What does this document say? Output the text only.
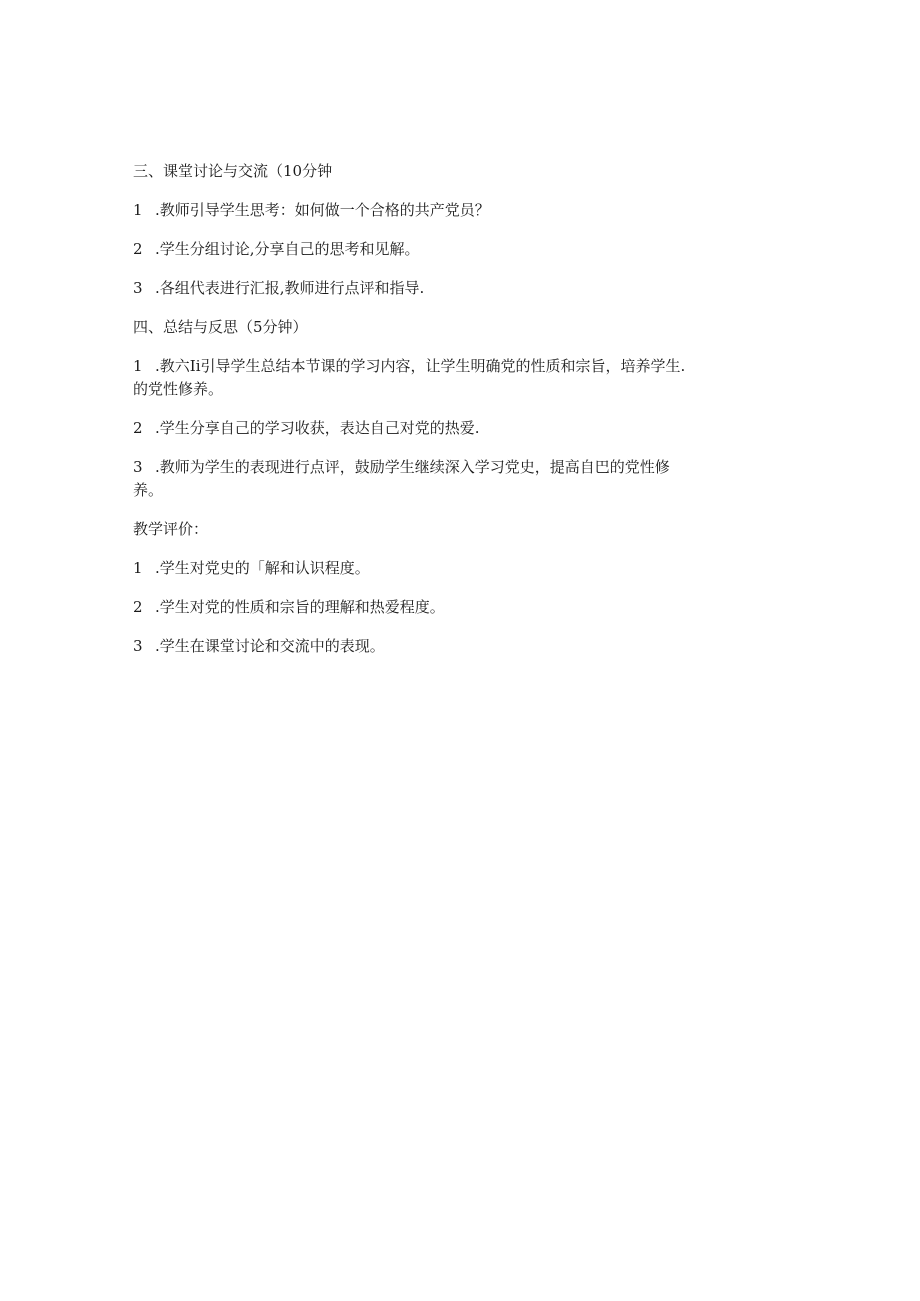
三、课堂讨论与交流（10分钟

1 .教师引导学生思考：如何做一个合格的共产党员？

2 .学生分组讨论,分享自己的思考和见解。

3 .各组代表进行汇报,教师进行点评和指导.

四、总结与反思（5分钟）

1 .教六Ii引导学生总结本节课的学习内容，让学生明确党的性质和宗旨，培养学生.
的党性修养。

2 .学生分享自己的学习收获，表达自己对党的热爱.

3 .教师为学生的表现进行点评，鼓励学生继续深入学习党史，提高自巴的党性修
养。

教学评价：

1 .学生对党史的「解和认识程度。

2 .学生对党的性质和宗旨的理解和热爱程度。

3 .学生在课堂讨论和交流中的表现。
